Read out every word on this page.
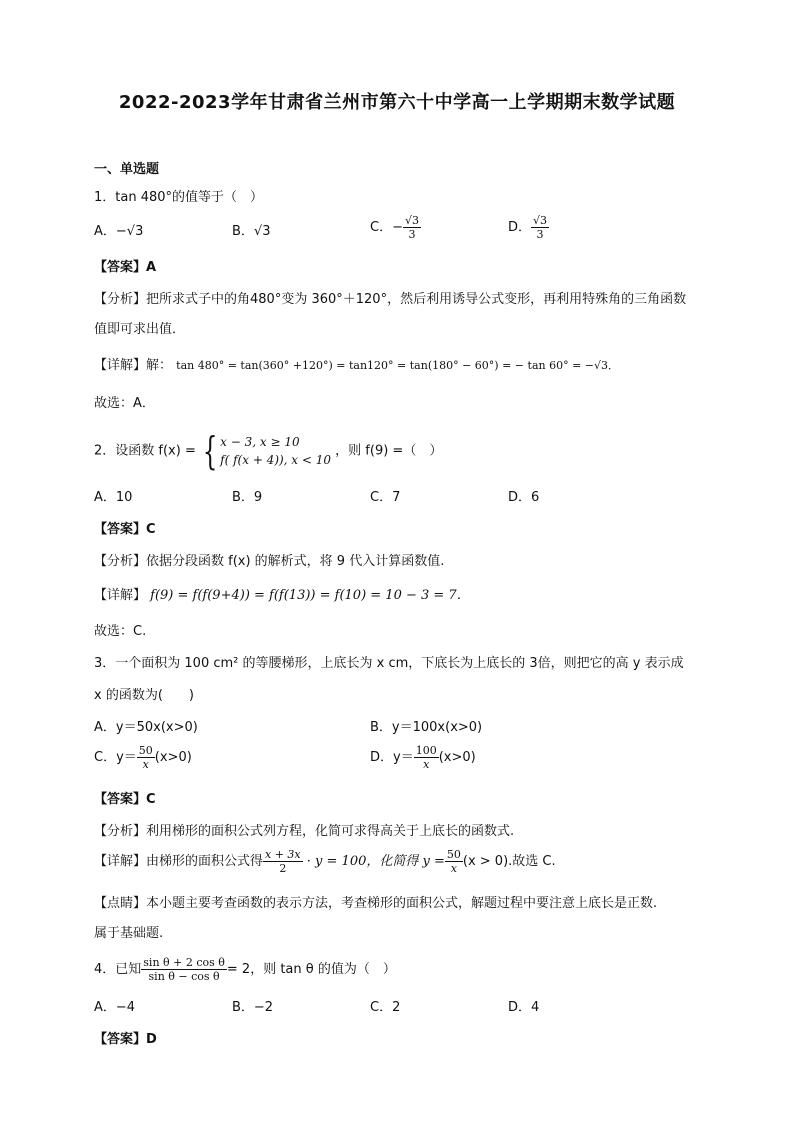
2022-2023学年甘肃省兰州市第六十中学高一上学期期末数学试题
一、单选题
1．tan 480°的值等于（　）
A．−√3	B．√3	C．− $\frac{√3}{3}$	D． $\frac{√3}{3}$
【答案】A
【分析】把所求式子中的角480°变为 360°＋120°，然后利用诱导公式变形，再利用特殊角的三角函数
值即可求出值．
【详解】解： tan 480° = tan(360° +120°) = tan120° = tan(180° − 60°) = − tan 60° = −√3．
故选：A．
2．设函数 f(x) = { x − 3, x ≥ 10
f( f(x + 4)), x < 10
，则 f(9) =（　）
A．10	B．9	C．7	D．6
【答案】C
【分析】依据分段函数 f(x) 的解析式，将 9 代入计算函数值.
【详解】 f(9) = f(f(9+4)) = f(f(13)) = f(10) = 10 − 3 = 7．
故选：C.
3．一个面积为 100 cm² 的等腰梯形，上底长为 x cm，下底长为上底长的 3倍，则把它的高 y 表示成
x 的函数为(　　)
A．y＝50x(x>0)	B．y＝100x(x>0)
C．$y= \frac{50}{x} (x>0)$	D．$y= \frac{100}{x} (x>0)$
【答案】C
【分析】利用梯形的面积公式列方程，化简可求得高关于上底长的函数式.
【详解】由梯形的面积公式得 $\frac{x + 3x}{2} \cdot y = 100$，化简得 $y = \frac{50}{x} (x > 0)$.故选 C.
【点睛】本小题主要考查函数的表示方法，考查梯形的面积公式，解题过程中要注意上底长是正数.
属于基础题.
4．已知 $\frac{\text{sin θ + 2 cos θ}}{\text{sin θ − cos θ}} = 2$，则 tan θ 的值为（　）
A．−4	B．−2	C．2	D．4
【答案】D
